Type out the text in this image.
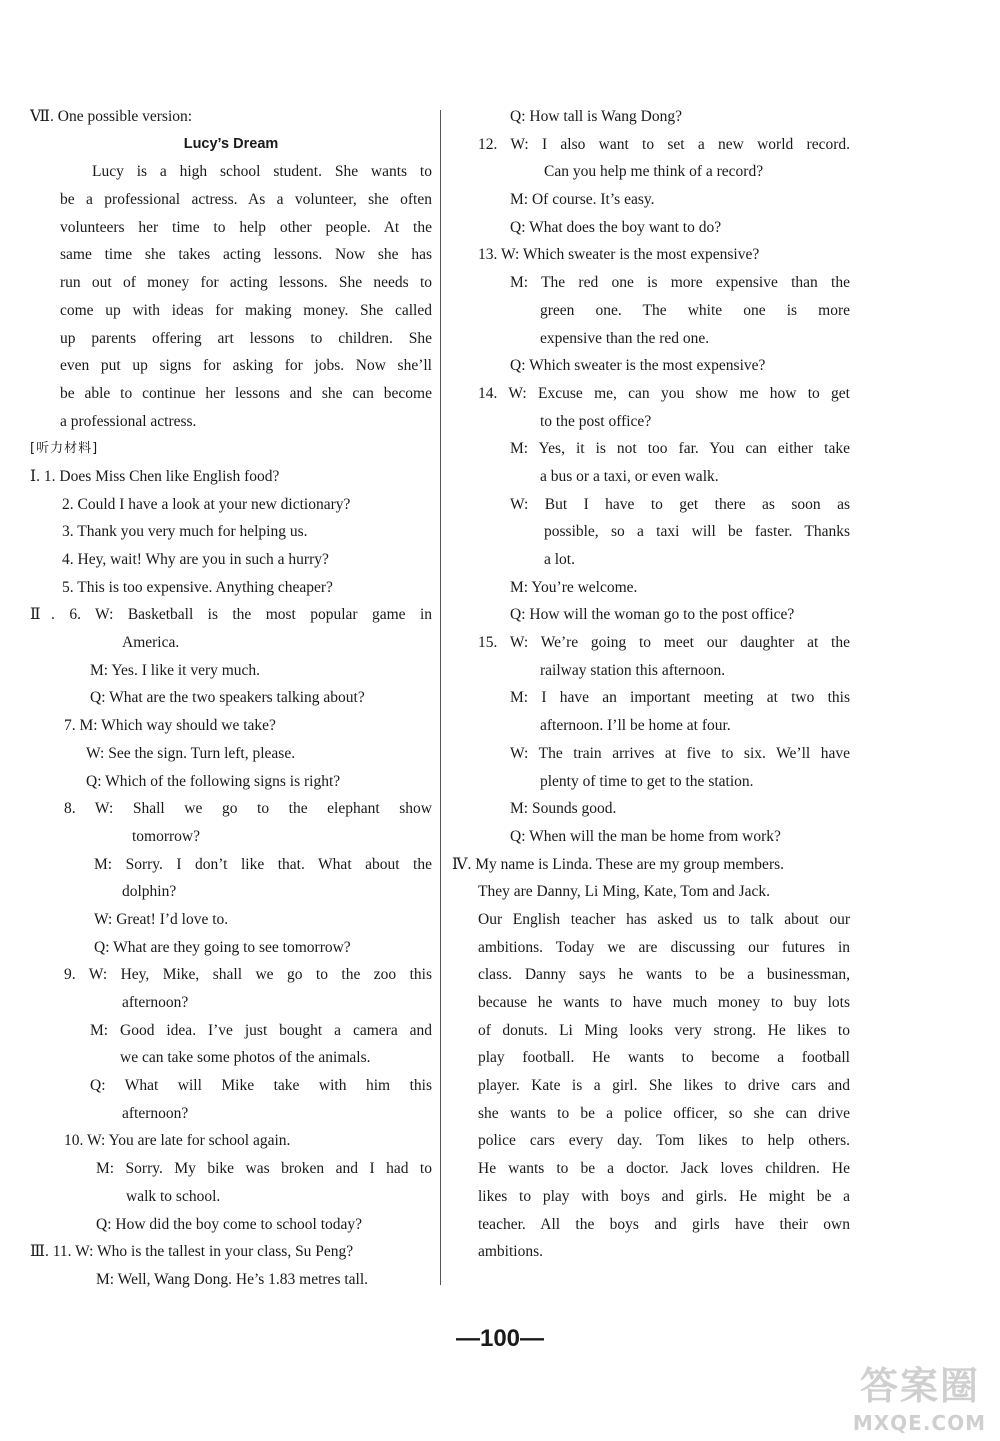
Ⅶ. One possible version:
Lucy’s Dream
Lucy is a high school student. She wants to
be a professional actress. As a volunteer, she often
volunteers her time to help other people. At the
same time she takes acting lessons. Now she has
run out of money for acting lessons. She needs to
come up with ideas for making money. She called
up parents offering art lessons to children. She
even put up signs for asking for jobs. Now she’ll
be able to continue her lessons and she can become
a professional actress.
[听力材料]
Ⅰ. 1. Does Miss Chen like English food?
2. Could I have a look at your new dictionary?
3. Thank you very much for helping us.
4. Hey, wait! Why are you in such a hurry?
5. This is too expensive. Anything cheaper?
Ⅱ. 6. W: Basketball is the most popular game in
America.
M: Yes. I like it very much.
Q: What are the two speakers talking about?
7. M: Which way should we take?
W: See the sign. Turn left, please.
Q: Which of the following signs is right?
8. W: Shall we go to the elephant show
tomorrow?
M: Sorry. I don’t like that. What about the
dolphin?
W: Great! I’d love to.
Q: What are they going to see tomorrow?
9. W: Hey, Mike, shall we go to the zoo this
afternoon?
M: Good idea. I’ve just bought a camera and
we can take some photos of the animals.
Q: What will Mike take with him this
afternoon?
10. W: You are late for school again.
M: Sorry. My bike was broken and I had to
walk to school.
Q: How did the boy come to school today?
Ⅲ. 11. W: Who is the tallest in your class, Su Peng?
M: Well, Wang Dong. He’s 1.83 metres tall.
Q: How tall is Wang Dong?
12. W: I also want to set a new world record.
Can you help me think of a record?
M: Of course. It’s easy.
Q: What does the boy want to do?
13. W: Which sweater is the most expensive?
M: The red one is more expensive than the
green one. The white one is more
expensive than the red one.
Q: Which sweater is the most expensive?
14. W: Excuse me, can you show me how to get
to the post office?
M: Yes, it is not too far. You can either take
a bus or a taxi, or even walk.
W: But I have to get there as soon as
possible, so a taxi will be faster. Thanks
a lot.
M: You’re welcome.
Q: How will the woman go to the post office?
15. W: We’re going to meet our daughter at the
railway station this afternoon.
M: I have an important meeting at two this
afternoon. I’ll be home at four.
W: The train arrives at five to six. We’ll have
plenty of time to get to the station.
M: Sounds good.
Q: When will the man be home from work?
Ⅳ. My name is Linda. These are my group members.
They are Danny, Li Ming, Kate, Tom and Jack.
Our English teacher has asked us to talk about our
ambitions. Today we are discussing our futures in
class. Danny says he wants to be a businessman,
because he wants to have much money to buy lots
of donuts. Li Ming looks very strong. He likes to
play football. He wants to become a football
player. Kate is a girl. She likes to drive cars and
she wants to be a police officer, so she can drive
police cars every day. Tom likes to help others.
He wants to be a doctor. Jack loves children. He
likes to play with boys and girls. He might be a
teacher. All the boys and girls have their own
ambitions.
—100—
答案圈
MXQE.COM
